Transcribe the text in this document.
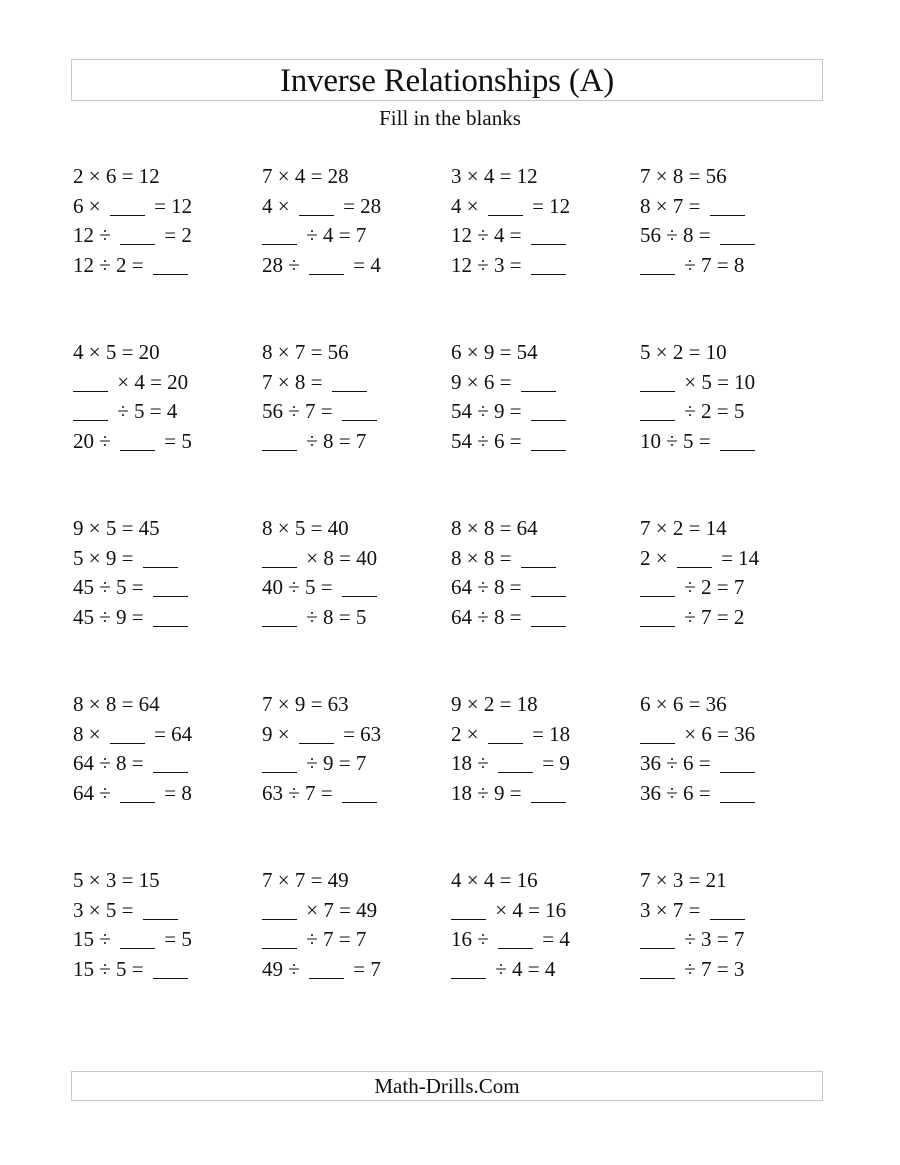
Inverse Relationships (A)
Fill in the blanks
2 × 6 = 12
6 ×  = 12
12 ÷  = 2
12 ÷ 2 =
7 × 4 = 28
4 ×  = 28
÷ 4 = 7
28 ÷  = 4
3 × 4 = 12
4 ×  = 12
12 ÷ 4 =
12 ÷ 3 =
7 × 8 = 56
8 × 7 =
56 ÷ 8 =
÷ 7 = 8
4 × 5 = 20
× 4 = 20
÷ 5 = 4
20 ÷  = 5
8 × 7 = 56
7 × 8 =
56 ÷ 7 =
÷ 8 = 7
6 × 9 = 54
9 × 6 =
54 ÷ 9 =
54 ÷ 6 =
5 × 2 = 10
× 5 = 10
÷ 2 = 5
10 ÷ 5 =
9 × 5 = 45
5 × 9 =
45 ÷ 5 =
45 ÷ 9 =
8 × 5 = 40
× 8 = 40
40 ÷ 5 =
÷ 8 = 5
8 × 8 = 64
8 × 8 =
64 ÷ 8 =
64 ÷ 8 =
7 × 2 = 14
2 ×  = 14
÷ 2 = 7
÷ 7 = 2
8 × 8 = 64
8 ×  = 64
64 ÷ 8 =
64 ÷  = 8
7 × 9 = 63
9 ×  = 63
÷ 9 = 7
63 ÷ 7 =
9 × 2 = 18
2 ×  = 18
18 ÷  = 9
18 ÷ 9 =
6 × 6 = 36
× 6 = 36
36 ÷ 6 =
36 ÷ 6 =
5 × 3 = 15
3 × 5 =
15 ÷  = 5
15 ÷ 5 =
7 × 7 = 49
× 7 = 49
÷ 7 = 7
49 ÷  = 7
4 × 4 = 16
× 4 = 16
16 ÷  = 4
÷ 4 = 4
7 × 3 = 21
3 × 7 =
÷ 3 = 7
÷ 7 = 3
Math-Drills.Com
